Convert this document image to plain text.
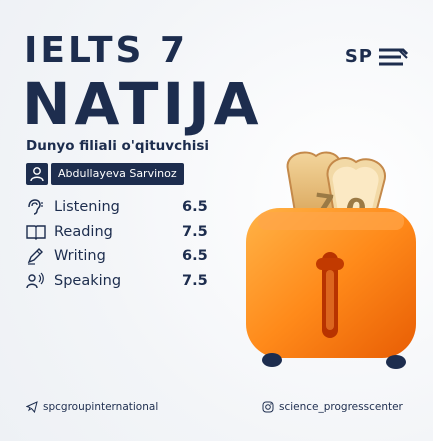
IELTS 7
NATIJA
Dunyo filiali o'qituvchisi
SP
Abdullayeva Sarvinoz
Listening	6.5
Reading	7.5
Writing	6.5
Speaking	7.5
spcgroupinternational	science_progresscenter
